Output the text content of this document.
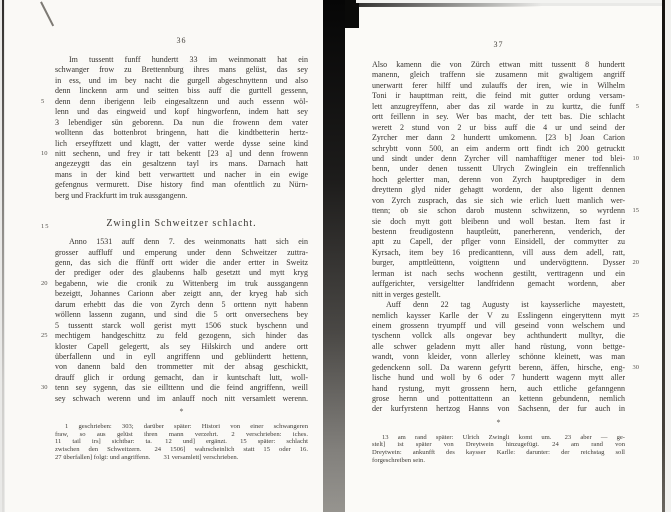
36
Im tussentt funff hundertt 33 im weinmonatt hat ein
schwanger frow zu Brettennburg ihres mans gelüst, das sey
in ess, und im bey nacht die gurgell abgeschnyttenn und also
denn linckenn arm und seitten biss auff die gurttell gessenn,
denn denn iberigenn leib eingesaltzenn und auch essenn wöl-
5
lenn und das eingweid und kopf hingworfenn, indem hatt sey
3 lebendiger sün geborenn. Da nun die frowenn dem vater
wolltenn das bottenbrot bringenn, hatt die kindtbetterin hertz-
lich erseyfftzett und klagtt, der vatter werde dysse seine kind
nitt sechenn, und frey ir tatt bekentt [23 a] und denn frowenn
10
angezeygtt das ein gesaltzenn tayl irs mans. Darnach hatt
mans in der kind bett verwarttett und nacher in ein ewige
gefengnus vermurett. Dise history find man ofenttlich zu Nürn-
berg und Frackfurtt im truk aussgangenn.
15	Zwinglin Schweitzer schlacht.
Anno 1531 auff denn 7. des weinmonatts hatt sich ein
grosser auffluff und emperung under denn Schweitzer zuttra-
genn, das sich die ffünff ortt wider die ander ertter in Sweitz
der prediger oder des glaubenns halb gesetztt und mytt kryg
begabenn, wie die cronik zu Wittenberg im truk aussgangenn
20
bezeigtt, Johannes Carionn aber zeigtt ann, der kryeg hab sich
darum erhebtt das die von Zyrch denn 5 orttenn nytt habenn
wöllenn lassenn zugann, und sind die 5 ortt onversechens bey
5 tussentt starck woll gerist mytt 1506 stuck byschenn und
mechtigem handgeschittz zu feld gezogenn, sich hinder das
25
kloster Capell gelegertt, als sey Hilskirch und andere ortt
überfallenn und in eyll angriffenn und geblündertt hettenn,
von danenn bald den trommetter mit der absag geschicktt,
drauff glich ir ordung gemacht, dan ir kuntschaft lutt, woll-
tenn sey sygenn, das sie eillttenn und die feind angriffenn, weill
30
sey schwach werenn und im anlauff noch nitt versamlett werenn.
*
1 geschrieben: 303; darüber später: Histori von einer schwangeren
fraw, so aus gelüst ihren mann verzehrt.  2 verschrieben: iches.
11 tail irs] sichtbar: ta.  12 und] ergänzt.  15 später: schlacht
zwischen den Schweitzern.  24 1506] wahrscheinlich statt 15 oder 16.
27 überfallen] folgt: und angriffenn.  31 versamlett] verschrieben.
37
Also kamenn die von Zürch ettwan mitt tussentt 8 hundertt
manenn, gleich traffenn sie zusamenn mit gwaltigem angriff
unerwartt ferer hilff und zulauffs der iren, wie in Wilhelm
Toni ir haupttman reitt, die feind mit gutter ordung versam-
lett anzugreyffenn, aber das zil warde in zu kurttz, die funff 5
ortt feillenn in sey. Wer bas macht, der tett bas. Die schlacht
werett 2 stund von 2 ur biss auff die 4 ur und seind der
Zyrcher mer dann 2 hundertt umkomenn. [23 b] Joan Carion
schrybtt vonn 500, an eim anderm ortt findt ich 200 getrucktt
und sindt under denn Zyrcher vill namhafftiger mener tod blei- 10
benn, under denen tussentt Ulrych Zwinglein ein treffennlich
hoch gelertter man, derenn von Zyrch hauptprediger in dem
dreyttenn glyd nider gehagtt wordenn, der also ligentt dennen
von Zyrch zusprach, das sie sich wie erlich luett manlich wer-
ttenn; ob sie schon darob mustenn schwitzenn, so wyrdenn 15
sie doch mytt gott bleibenn und woll bestan. Item fast ir
bestenn freudigostenn hauptleütt, panerherenn, venderich, der
aptt zu Capell, der pflger vonn Einsidell, der commytter zu
Kyrsach, item bey 16 predicanttenn, vill auss dem adell, ratt,
burger, ampttleüttenn, voigttenn und undervögttenn. Dysser 20
lerman ist nach sechs wochenn gestiltt, verttragenn und ein
auffgerichter, versigeltter landfridenn gemacht wordenn, aber
nitt in verges gestellt.
Auff denn 22 tag Augusty ist kaysserliche mayestett,
nemlich kaysser Karlle der V zu Esslingenn eingeryttenn mytt 25
einem grossenn tryumpff und vill geseind vonn welschem und
tyschenn vollck alls ongevar bey achthundertt mulltyr, die
alle schwer geladenn mytt aller hand rüstung, vonn bettge-
wandt, vonn kleider, vonn allerley schönne kleinett, was man
gedenckenn soll. Da warenn gefyrtt berenn, äffen, hirsche, eng- 30
lische hund und woll by 6 oder 7 hundertt wagenn mytt aller
hand rystung, mytt grossenn hern, auch ettliche gefanngenn
grose hernn und pottenttattenn an kettenn gebundenn, nemlich
der kurfyrstenn hertzog Hanns von Sachsenn, der fur auch in
*
13 am rand später: Ulrich Zwingli komt um.  23 aber — ge-
stelt] ist später von Dreytwein hinzugefügt.  24 am rand von
Dreytwein: ankunfft des kaysser Karlle: darunter: der reichstag soll
forgeschreiben sein.
